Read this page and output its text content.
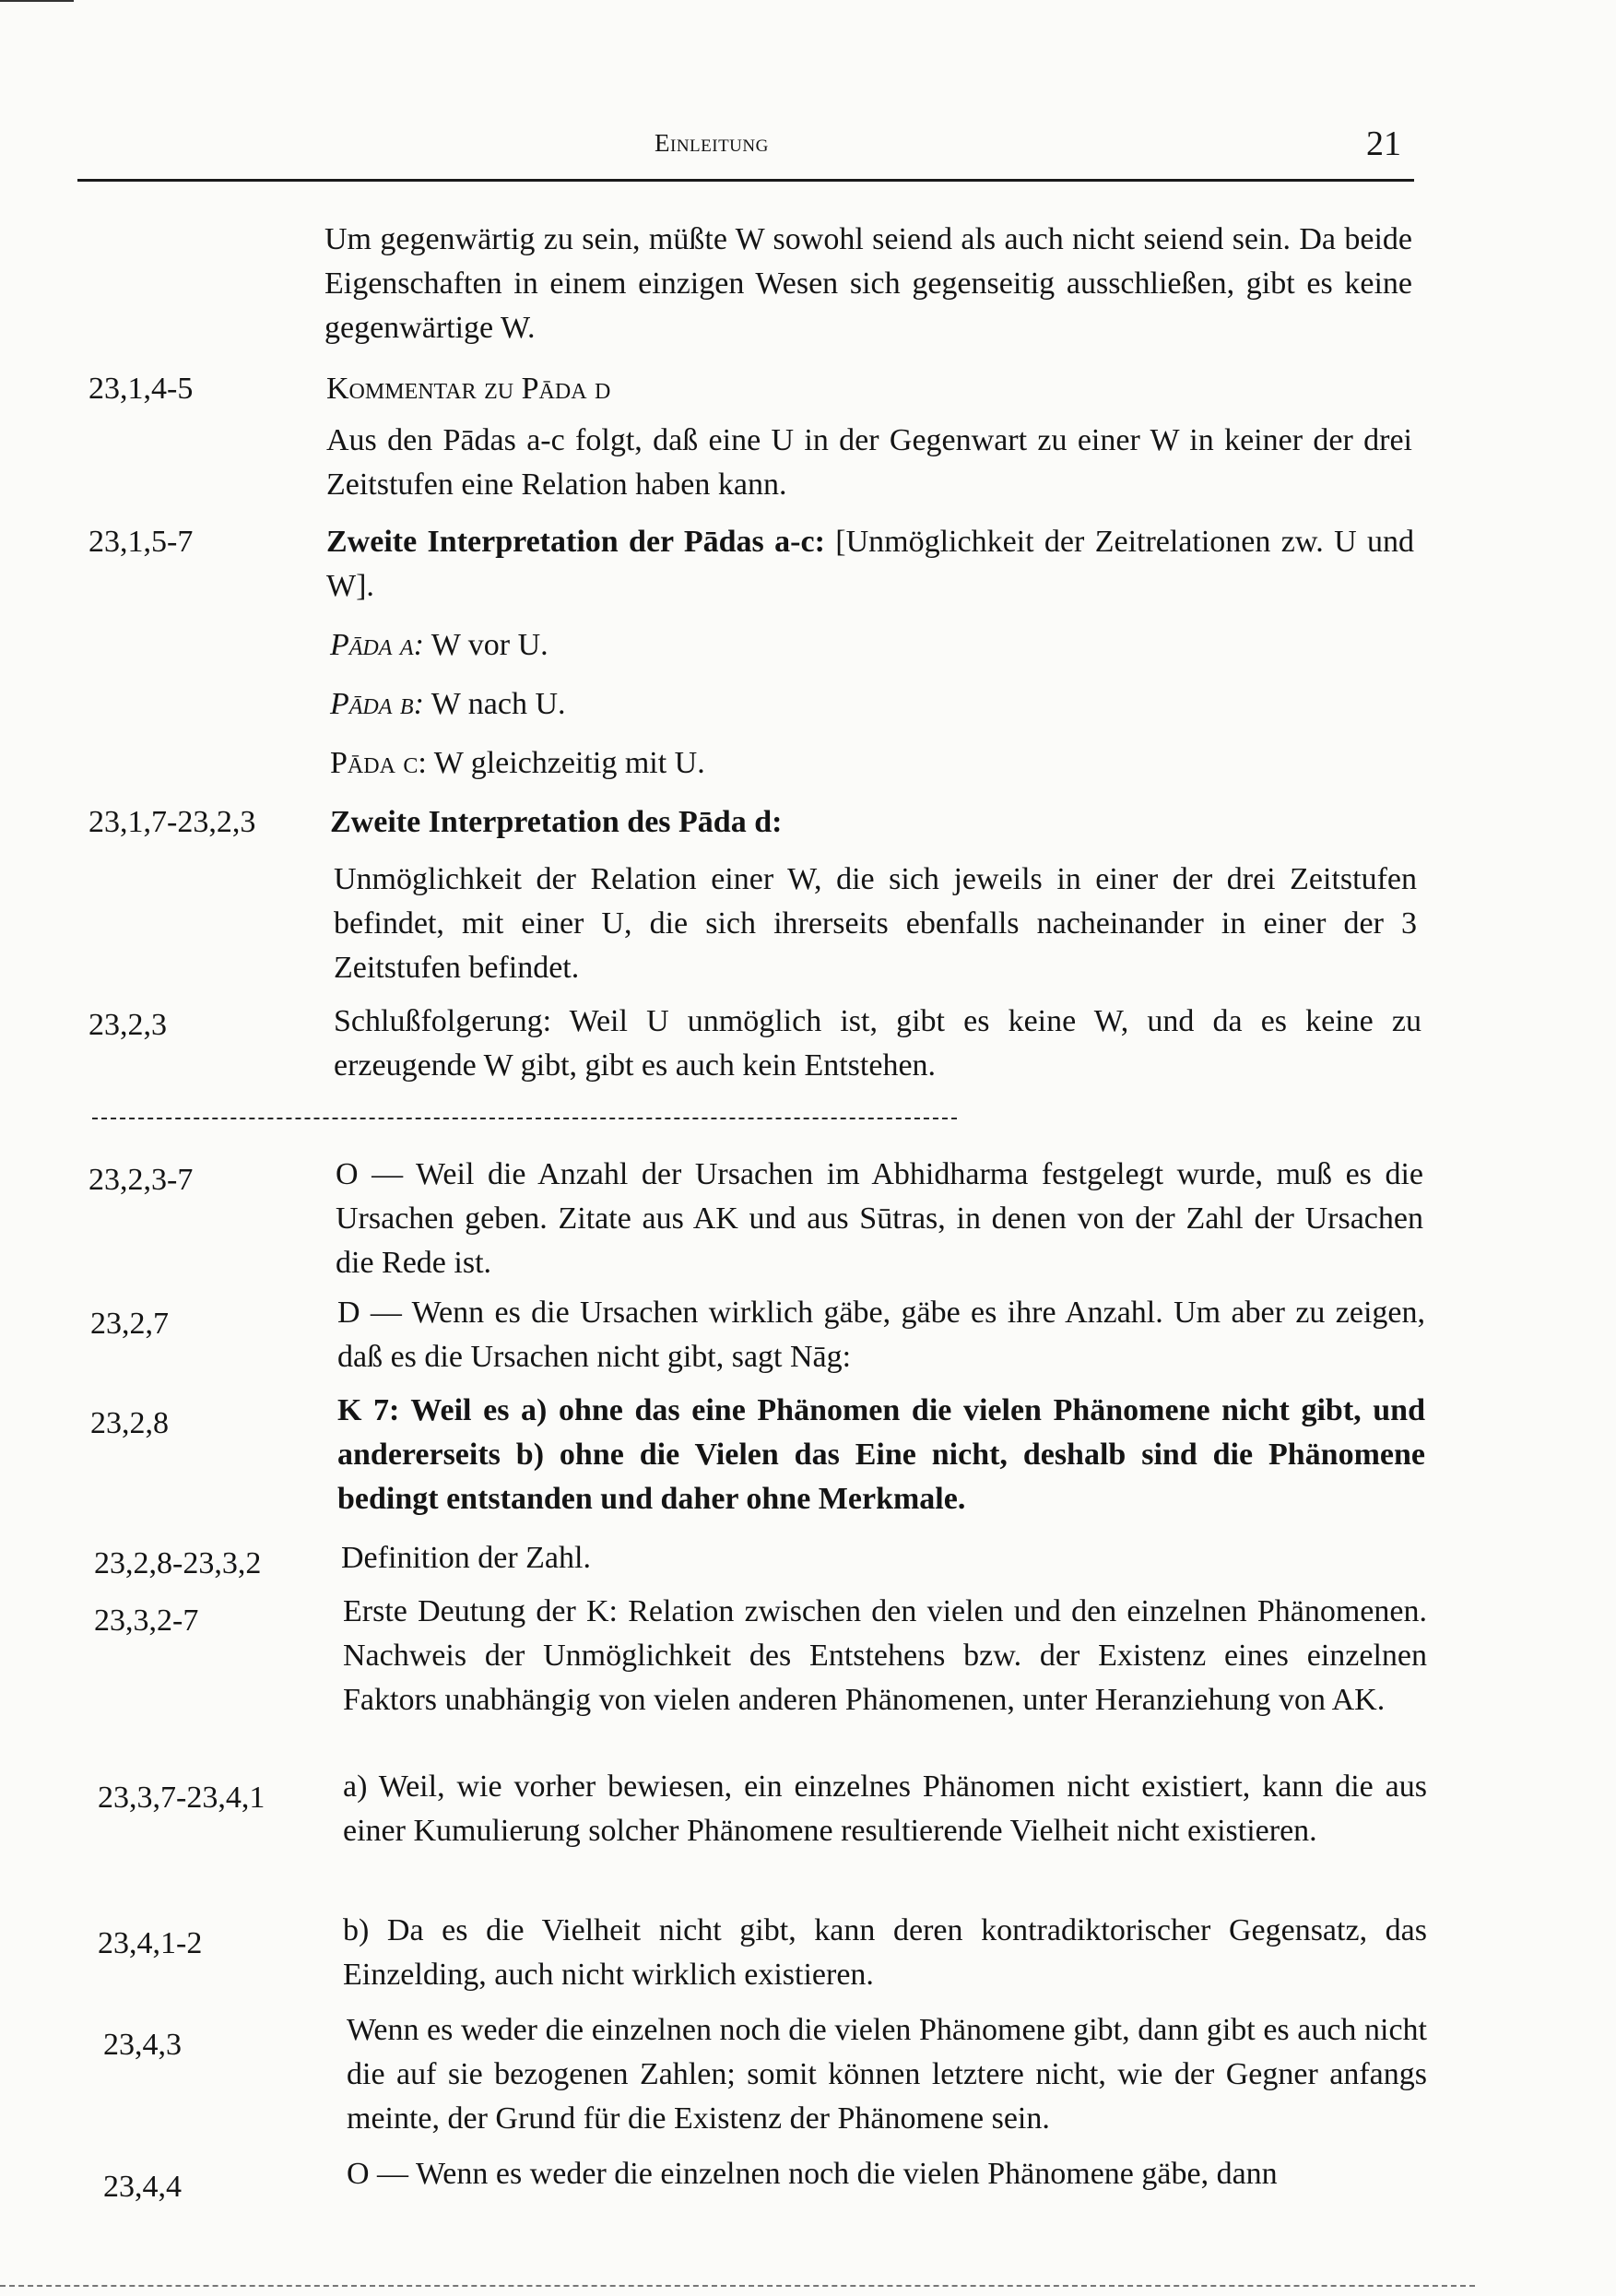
Einleitung	21
Um gegenwärtig zu sein, müßte W sowohl seiend als auch nicht seiend sein. Da beide Eigenschaften in einem einzigen Wesen sich gegenseitig ausschließen, gibt es keine gegenwärtige W.
23,1,4-5	Kommentar zu Pāda d
Aus den Pādas a-c folgt, daß eine U in der Gegenwart zu einer W in keiner der drei Zeitstufen eine Relation haben kann.
23,1,5-7	Zweite Interpretation der Pādas a-c: [Unmöglichkeit der Zeitrelationen zw. U und W].
Pāda a: W vor U.
Pāda b: W nach U.
Pāda c: W gleichzeitig mit U.
23,1,7-23,2,3 Zweite Interpretation des Pāda d:
Unmöglichkeit der Relation einer W, die sich jeweils in einer der drei Zeitstufen befindet, mit einer U, die sich ihrerseits ebenfalls nacheinander in einer der 3 Zeitstufen befindet.
23,2,3	Schlußfolgerung: Weil U unmöglich ist, gibt es keine W, und da es keine zu erzeugende W gibt, gibt es auch kein Entstehen.
23,2,3-7	O — Weil die Anzahl der Ursachen im Abhidharma festgelegt wurde, muß es die Ursachen geben. Zitate aus AK und aus Sūtras, in denen von der Zahl der Ursachen die Rede ist.
23,2,7	D — Wenn es die Ursachen wirklich gäbe, gäbe es ihre Anzahl. Um aber zu zeigen, daß es die Ursachen nicht gibt, sagt Nāg:
23,2,8	K 7: Weil es a) ohne das eine Phänomen die vielen Phänomene nicht gibt, und andererseits b) ohne die Vielen das Eine nicht, deshalb sind die Phänomene bedingt entstanden und daher ohne Merkmale.
23,2,8-23,3,2	Definition der Zahl.
23,3,2-7	Erste Deutung der K: Relation zwischen den vielen und den einzelnen Phänomenen. Nachweis der Unmöglichkeit des Entstehens bzw. der Existenz eines einzelnen Faktors unabhängig von vielen anderen Phänomenen, unter Heranziehung von AK.
23,3,7-23,4,1 a) Weil, wie vorher bewiesen, ein einzelnes Phänomen nicht existiert, kann die aus einer Kumulierung solcher Phänomene resultierende Vielheit nicht existieren.
23,4,1-2	b) Da es die Vielheit nicht gibt, kann deren kontradiktorischer Gegensatz, das Einzelding, auch nicht wirklich existieren.
23,4,3	Wenn es weder die einzelnen noch die vielen Phänomene gibt, dann gibt es auch nicht die auf sie bezogenen Zahlen; somit können letztere nicht, wie der Gegner anfangs meinte, der Grund für die Existenz der Phänomene sein.
23,4,4	O — Wenn es weder die einzelnen noch die vielen Phänomene gäbe, dann
